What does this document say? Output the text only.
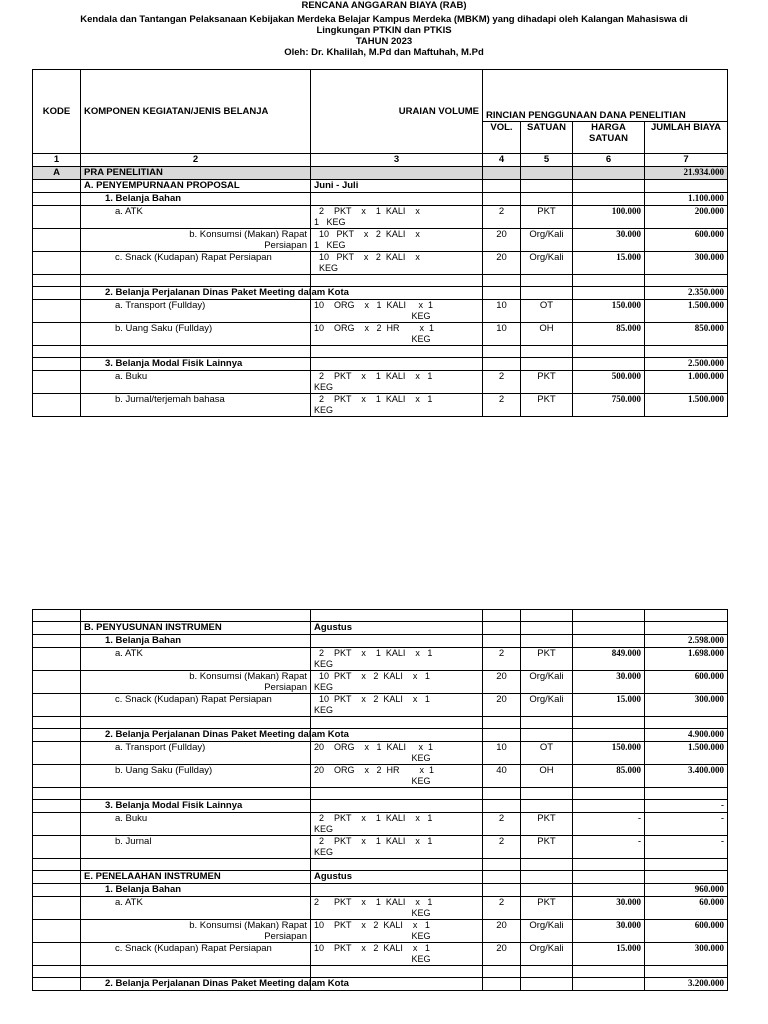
RENCANA ANGGARAN BIAYA (RAB)
Kendala dan Tantangan Pelaksanaan Kebijakan Merdeka Belajar Kampus Merdeka (MBKM) yang dihadapi oleh Kalangan Mahasiswa di
Lingkungan PTKIN dan PTKIS
TAHUN 2023
Oleh: Dr. Khalilah, M.Pd dan Maftuhah, M.Pd
KODE	KOMPONEN KEGIATAN/JENIS BELANJA	URAIAN VOLUME	RINCIAN PENGGUNAAN DANA PENELITIAN			
			VOL.	SATUAN	HARGA SATUAN	JUMLAH BIAYA
1	2	3	4	5	6	7
A	PRA PENELITIAN					21.934.000
	A. PENYEMPURNAAN PROPOSAL	Juni - Juli				
	1. Belanja Bahan					1.100.000
	a. ATK	2    PKT    x    1  KALI    x
1   KEG	2	PKT	100.000	200.000
	b. Konsumsi (Makan) Rapat
Persiapan	10   PKT    x   2  KALI    x
1   KEG	20	Org/Kali	30.000	600.000
	c. Snack (Kudapan) Rapat Persiapan	10   PKT    x   2  KALI    x
KEG	20	Org/Kali	15.000	300.000

	2. Belanja Perjalanan Dinas Paket Meeting dalam Kota					2.350.000
	a. Transport (Fullday)	10    ORG    x   1  KALI     x  1
KEG	10	OT	150.000	1.500.000
	b. Uang Saku (Fullday)	10    ORG    x   2  HR        x  1
KEG	10	OH	85.000	850.000

	3. Belanja Modal Fisik Lainnya					2.500.000
	a. Buku	2    PKT    x    1  KALI    x   1
KEG	2	PKT	500.000	1.000.000
	b. Jurnal/terjemah bahasa	2    PKT    x    1  KALI    x   1
KEG	2	PKT	750.000	1.500.000

	B. PENYUSUNAN INSTRUMEN	Agustus				
	1. Belanja Bahan					2.598.000
	a. ATK	2    PKT    x    1  KALI    x   1
KEG	2	PKT	849.000	1.698.000
	b. Konsumsi (Makan) Rapat
Persiapan	10  PKT    x   2  KALI    x   1
KEG	20	Org/Kali	30.000	600.000
	c. Snack (Kudapan) Rapat Persiapan	10  PKT    x   2  KALI    x   1
KEG	20	Org/Kali	15.000	300.000

	2. Belanja Perjalanan Dinas Paket Meeting dalam Kota					4.900.000
	a. Transport (Fullday)	20    ORG    x   1  KALI     x  1
KEG	10	OT	150.000	1.500.000
	b. Uang Saku (Fullday)	20    ORG    x   2  HR        x  1
KEG	40	OH	85.000	3.400.000

	3. Belanja Modal Fisik Lainnya					-
	a. Buku	2    PKT    x    1  KALI    x   1
KEG	2	PKT	-	-
	b. Jurnal	2    PKT    x    1  KALI    x   1
KEG	2	PKT	-	-

	E. PENELAAHAN INSTRUMEN	Agustus				
	1. Belanja Bahan					960.000
	a. ATK	2      PKT    x    1  KALI    x   1
KEG	2	PKT	30.000	60.000
	b. Konsumsi (Makan) Rapat
Persiapan	10    PKT    x   2  KALI    x   1
KEG	20	Org/Kali	30.000	600.000
	c. Snack (Kudapan) Rapat Persiapan	10    PKT    x   2  KALI    x   1
KEG	20	Org/Kali	15.000	300.000

	2. Belanja Perjalanan Dinas Paket Meeting dalam Kota					3.200.000
